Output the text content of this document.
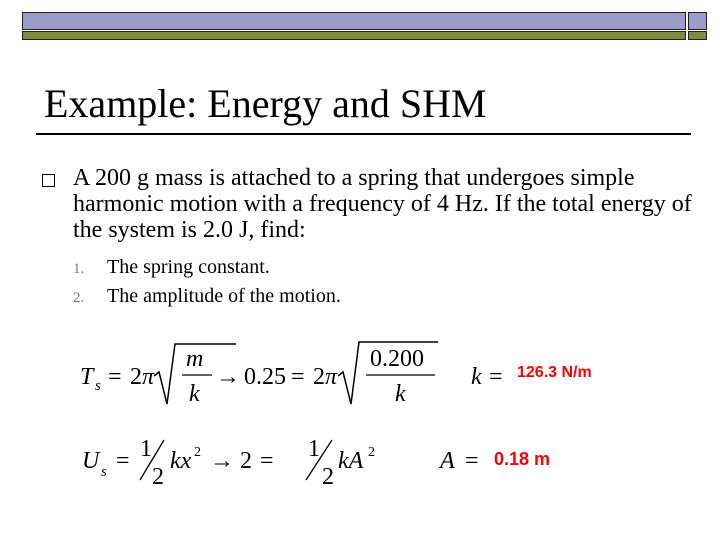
Example: Energy and SHM
A 200 g mass is attached to a spring that undergoes simple harmonic motion with a frequency of 4 Hz. If the total energy of the system is 2.0 J, find:
1. The spring constant.
2. The amplitude of the motion.
T s = 2 π
m
k
→ 0.25 = 2 π
0.200
k
k = 126.3 N/m
U s = 1
2
kx 2 → 2 = 1
2
kA 2	A = 0.18 m
